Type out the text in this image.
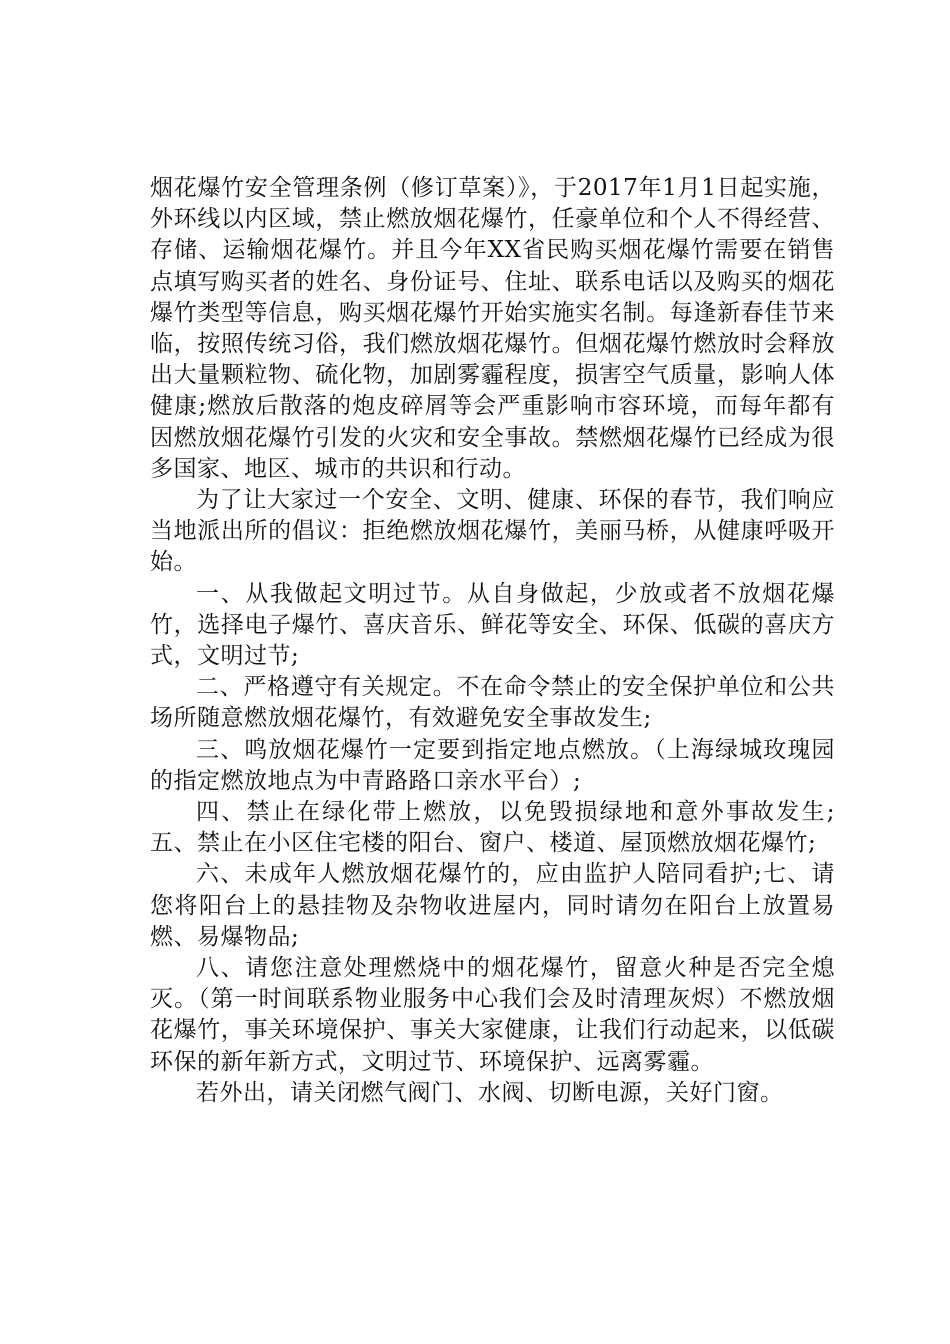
烟花爆竹安全管理条例（修订草案）》，于2017年1月1日起实施，外环线以内区域，禁止燃放烟花爆竹，任豪单位和个人不得经营、存储、运输烟花爆竹。并且今年XX省民购买烟花爆竹需要在销售点填写购买者的姓名、身份证号、住址、联系电话以及购买的烟花爆竹类型等信息，购买烟花爆竹开始实施实名制。每逢新春佳节来临，按照传统习俗，我们燃放烟花爆竹。但烟花爆竹燃放时会释放出大量颗粒物、硫化物，加剧雾霾程度，损害空气质量，影响人体健康;燃放后散落的炮皮碎屑等会严重影响市容环境，而每年都有因燃放烟花爆竹引发的火灾和安全事故。禁燃烟花爆竹已经成为很多国家、地区、城市的共识和行动。

为了让大家过一个安全、文明、健康、环保的春节，我们响应当地派出所的倡议：拒绝燃放烟花爆竹，美丽马桥，从健康呼吸开始。

一、从我做起文明过节。从自身做起，少放或者不放烟花爆竹，选择电子爆竹、喜庆音乐、鲜花等安全、环保、低碳的喜庆方式，文明过节;

二、严格遵守有关规定。不在命令禁止的安全保护单位和公共场所随意燃放烟花爆竹，有效避免安全事故发生;

三、鸣放烟花爆竹一定要到指定地点燃放。（上海绿城玫瑰园的指定燃放地点为中青路路口亲水平台）;

四、禁止在绿化带上燃放，以免毁损绿地和意外事故发生;五、禁止在小区住宅楼的阳台、窗户、楼道、屋顶燃放烟花爆竹;

六、未成年人燃放烟花爆竹的，应由监护人陪同看护;七、请您将阳台上的悬挂物及杂物收进屋内，同时请勿在阳台上放置易燃、易爆物品;

八、请您注意处理燃烧中的烟花爆竹，留意火种是否完全熄灭。（第一时间联系物业服务中心我们会及时清理灰烬）不燃放烟花爆竹，事关环境保护、事关大家健康，让我们行动起来，以低碳环保的新年新方式，文明过节、环境保护、远离雾霾。

若外出，请关闭燃气阀门、水阀、切断电源，关好门窗。
